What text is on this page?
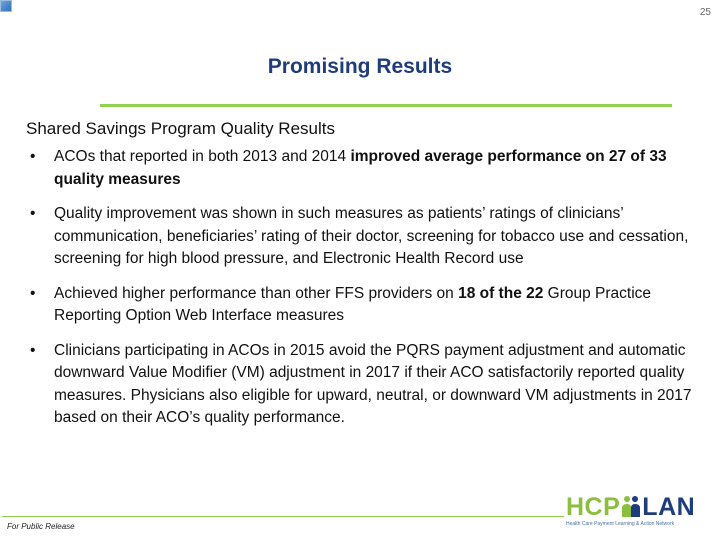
25
Promising Results
Shared Savings Program Quality Results
• ACOs that reported in both 2013 and 2014 improved average performance on 27 of 33 quality measures
• Quality improvement was shown in such measures as patients’ ratings of clinicians’ communication, beneficiaries’ rating of their doctor, screening for tobacco use and cessation, screening for high blood pressure, and Electronic Health Record use
• Achieved higher performance than other FFS providers on 18 of the 22 Group Practice Reporting Option Web Interface measures
• Clinicians participating in ACOs in 2015 avoid the PQRS payment adjustment and automatic downward Value Modifier (VM) adjustment in 2017 if their ACO satisfactorily reported quality measures. Physicians also eligible for upward, neutral, or downward VM adjustments in 2017 based on their ACO’s quality performance.
For Public Release
HCP LAN
Health Care Payment Learning & Action Network
